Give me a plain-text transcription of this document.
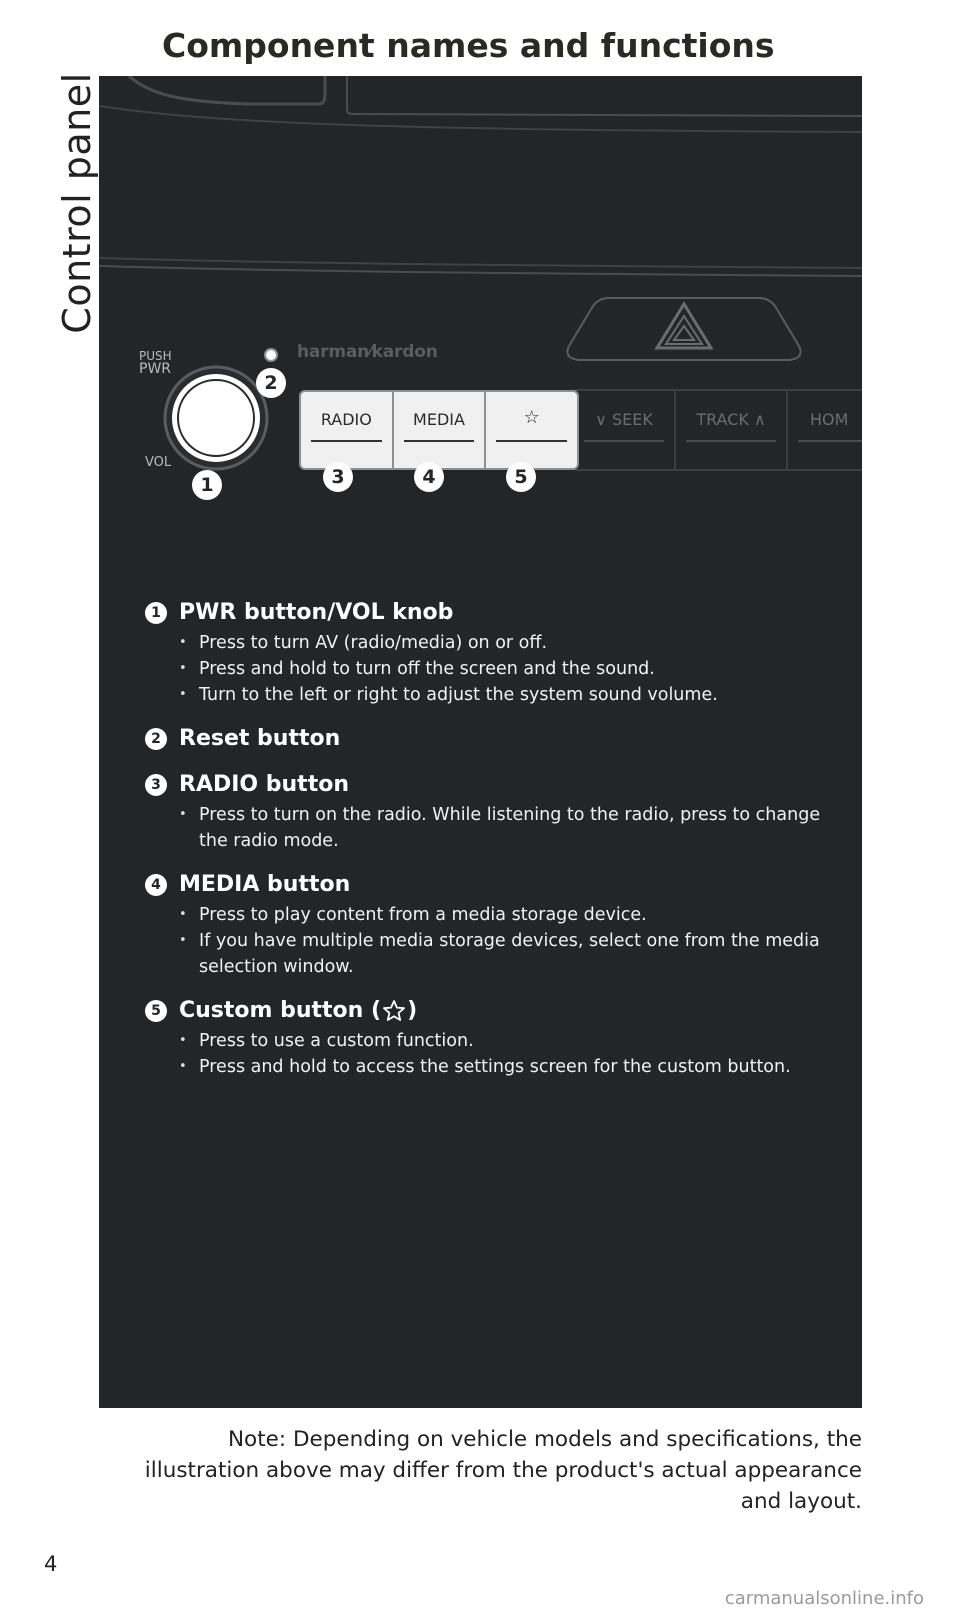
Control panel
Component names and functions
harman⁄kardon
PUSH
PWR
VOL
RADIO	MEDIA	☆	∨ SEEK	TRACK ∧	HOM
1
2
3	4	5
1 PWR button/VOL knob
• Press to turn AV (radio/media) on or off.
• Press and hold to turn off the screen and the sound.
• Turn to the left or right to adjust the system sound volume.
2 Reset button
3 RADIO button
• Press to turn on the radio. While listening to the radio, press to change the radio mode.
4 MEDIA button
• Press to play content from a media storage device.
• If you have multiple media storage devices, select one from the media selection window.
5 Custom button ( )
• Press to use a custom function.
• Press and hold to access the settings screen for the custom button.
Note: Depending on vehicle models and specifications, the illustration above may differ from the product's actual appearance and layout.
4
carmanualsonline.info
